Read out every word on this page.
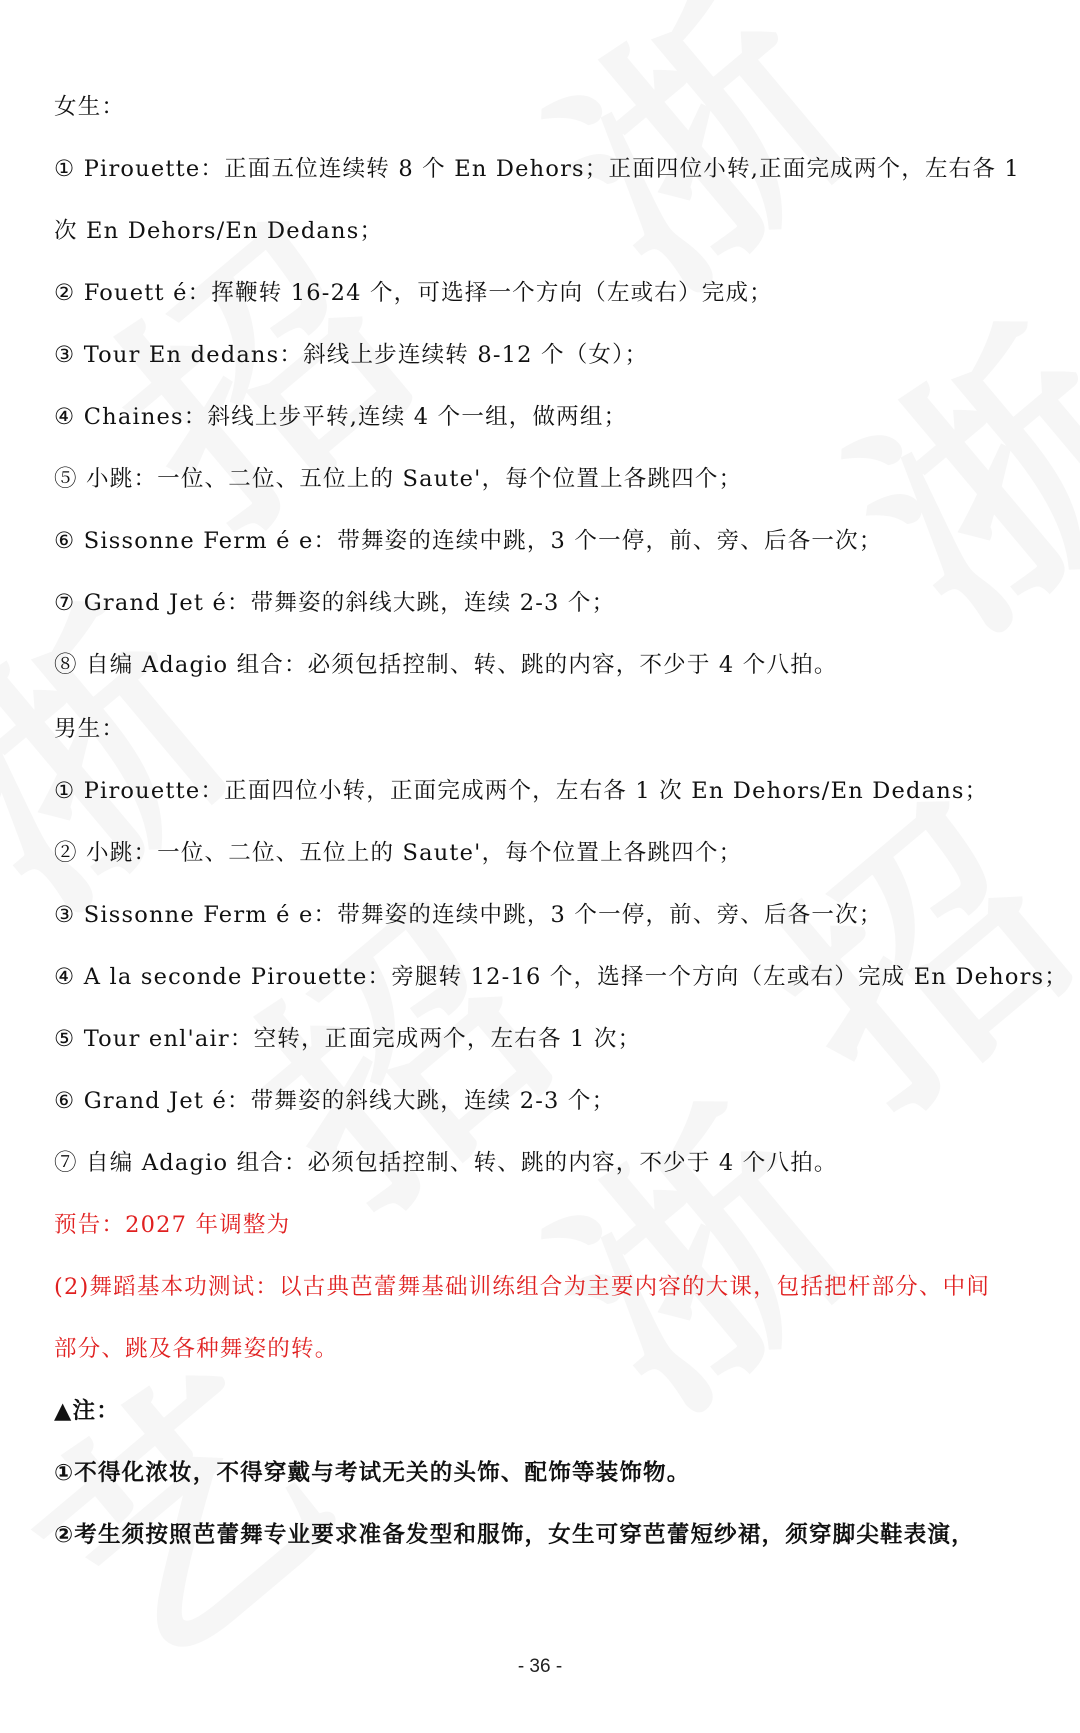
女生：
① Pirouette：正面五位连续转 8 个 En Dehors；正面四位小转,正面完成两个，左右各 1
次 En Dehors/En Dedans；
② Fouett é：挥鞭转 16-24 个，可选择一个方向（左或右）完成；
③ Tour En dedans：斜线上步连续转 8-12 个（女）；
④ Chaines：斜线上步平转,连续 4 个一组，做两组；
⑤ 小跳：一位、二位、五位上的 Saute'，每个位置上各跳四个；
⑥ Sissonne Ferm é e：带舞姿的连续中跳，3 个一停，前、旁、后各一次；
⑦ Grand Jet é：带舞姿的斜线大跳，连续 2-3 个；
⑧ 自编 Adagio 组合：必须包括控制、转、跳的内容，不少于 4 个八拍。
男生：
① Pirouette：正面四位小转，正面完成两个，左右各 1 次 En Dehors/En Dedans；
② 小跳：一位、二位、五位上的 Saute'，每个位置上各跳四个；
③ Sissonne Ferm é e：带舞姿的连续中跳，3 个一停，前、旁、后各一次；
④ A la seconde Pirouette：旁腿转 12-16 个，选择一个方向（左或右）完成 En Dehors；
⑤ Tour enl'air：空转，正面完成两个，左右各 1 次；
⑥ Grand Jet é：带舞姿的斜线大跳，连续 2-3 个；
⑦ 自编 Adagio 组合：必须包括控制、转、跳的内容，不少于 4 个八拍。
预告：2027 年调整为
(2)舞蹈基本功测试：以古典芭蕾舞基础训练组合为主要内容的大课，包括把杆部分、中间
部分、跳及各种舞姿的转。
▲注：
①不得化浓妆，不得穿戴与考试无关的头饰、配饰等装饰物。
②考生须按照芭蕾舞专业要求准备发型和服饰，女生可穿芭蕾短纱裙，须穿脚尖鞋表演，
- 36 -
